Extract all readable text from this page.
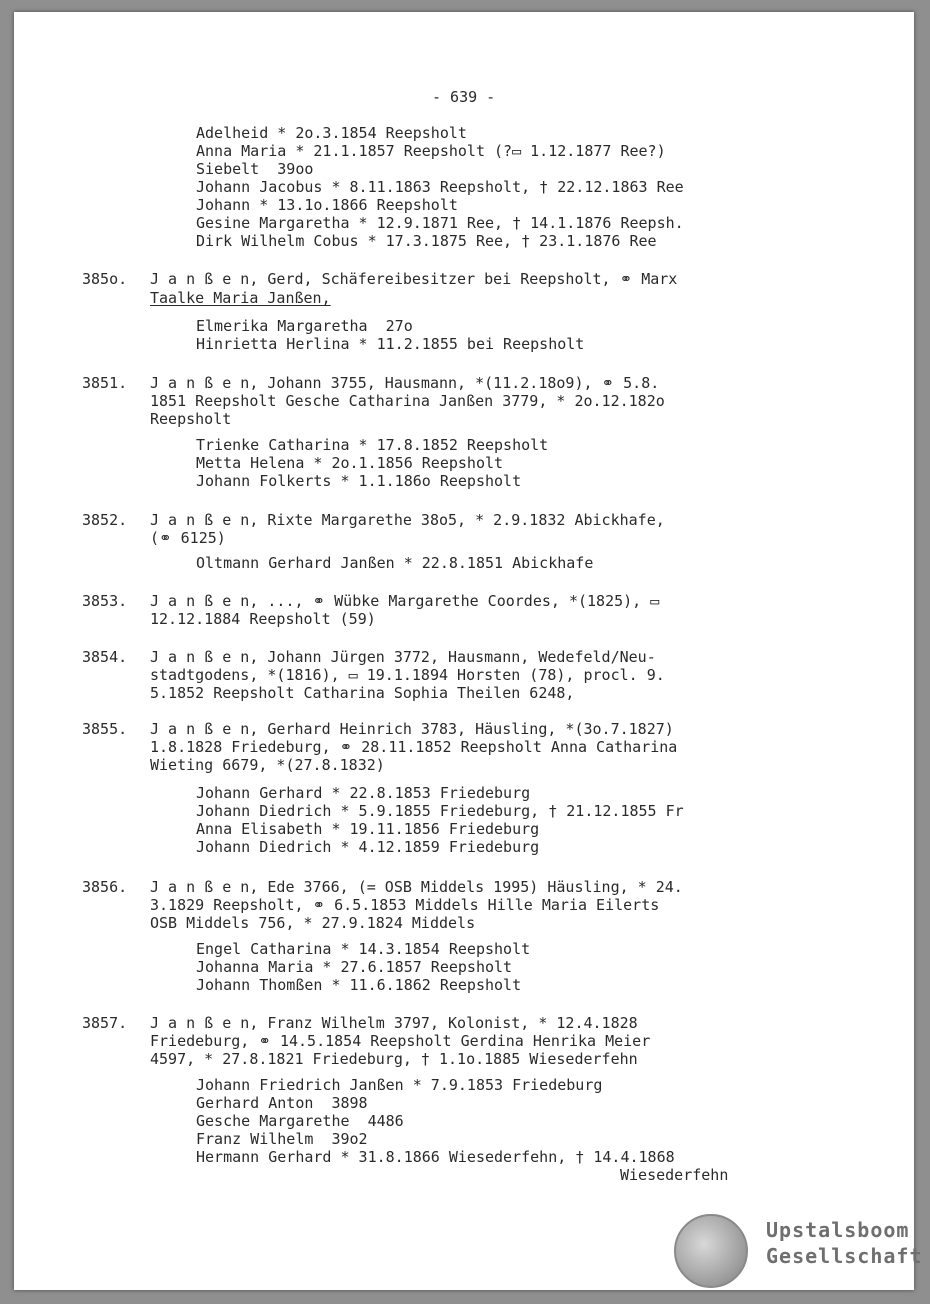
- 639 -
Adelheid * 2o.3.1854 Reepsholt
Anna Maria * 21.1.1857 Reepsholt (?▭ 1.12.1877 Ree?)
Siebelt  39oo
Johann Jacobus * 8.11.1863 Reepsholt, † 22.12.1863 Ree
Johann * 13.1o.1866 Reepsholt
Gesine Margaretha * 12.9.1871 Ree, † 14.1.1876 Reepsh.
Dirk Wilhelm Cobus * 17.3.1875 Ree, † 23.1.1876 Ree
385o. J a n ß e n, Gerd, Schäfereibesitzer bei Reepsholt, ⚭ Marx
Taalke Maria Janßen,
Elmerika Margaretha  27o
Hinrietta Herlina * 11.2.1855 bei Reepsholt
3851. J a n ß e n, Johann 3755, Hausmann, *(11.2.18o9), ⚭ 5.8.
1851 Reepsholt Gesche Catharina Janßen 3779, * 2o.12.182o
Reepsholt
Trienke Catharina * 17.8.1852 Reepsholt
Metta Helena * 2o.1.1856 Reepsholt
Johann Folkerts * 1.1.186o Reepsholt
3852. J a n ß e n, Rixte Margarethe 38o5, * 2.9.1832 Abickhafe,
(⚭ 6125)
Oltmann Gerhard Janßen * 22.8.1851 Abickhafe
3853. J a n ß e n, ..., ⚭ Wübke Margarethe Coordes, *(1825), ▭
12.12.1884 Reepsholt (59)
3854. J a n ß e n, Johann Jürgen 3772, Hausmann, Wedefeld/Neu-
stadtgodens, *(1816), ▭ 19.1.1894 Horsten (78), procl. 9.
5.1852 Reepsholt Catharina Sophia Theilen 6248,
3855. J a n ß e n, Gerhard Heinrich 3783, Häusling, *(3o.7.1827)
1.8.1828 Friedeburg, ⚭ 28.11.1852 Reepsholt Anna Catharina
Wieting 6679, *(27.8.1832)
Johann Gerhard * 22.8.1853 Friedeburg
Johann Diedrich * 5.9.1855 Friedeburg, † 21.12.1855 Fr
Anna Elisabeth * 19.11.1856 Friedeburg
Johann Diedrich * 4.12.1859 Friedeburg
3856. J a n ß e n, Ede 3766, (= OSB Middels 1995) Häusling, * 24.
3.1829 Reepsholt, ⚭ 6.5.1853 Middels Hille Maria Eilerts
OSB Middels 756, * 27.9.1824 Middels
Engel Catharina * 14.3.1854 Reepsholt
Johanna Maria * 27.6.1857 Reepsholt
Johann Thomßen * 11.6.1862 Reepsholt
3857. J a n ß e n, Franz Wilhelm 3797, Kolonist, * 12.4.1828
Friedeburg, ⚭ 14.5.1854 Reepsholt Gerdina Henrika Meier
4597, * 27.8.1821 Friedeburg, † 1.1o.1885 Wiesederfehn
Johann Friedrich Janßen * 7.9.1853 Friedeburg
Gerhard Anton  3898
Gesche Margarethe  4486
Franz Wilhelm  39o2
Hermann Gerhard * 31.8.1866 Wiesederfehn, † 14.4.1868
Wiesederfehn
Upstalsboom
Gesellschaft
